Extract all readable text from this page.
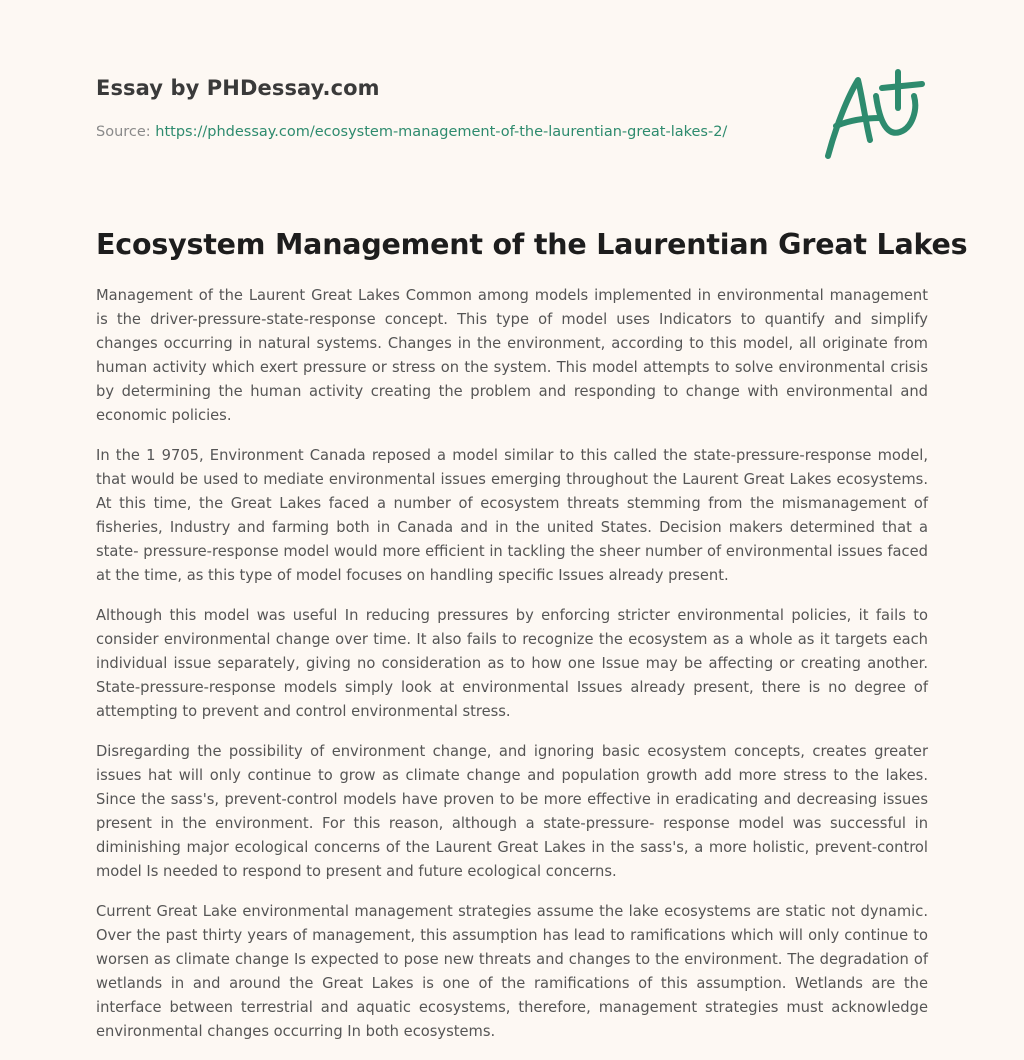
Essay by PHDessay.com
Source: https://phdessay.com/ecosystem-management-of-the-laurentian-great-lakes-2/
Ecosystem Management of the Laurentian Great Lakes

Management of the Laurent Great Lakes Common among models implemented in environmental management is the driver-pressure-state-response concept. This type of model uses Indicators to quantify and simplify changes occurring in natural systems. Changes in the environment, according to this model, all originate from human activity which exert pressure or stress on the system. This model attempts to solve environmental crisis by determining the human activity creating the problem and responding to change with environmental and economic policies.

In the 1 9705, Environment Canada reposed a model similar to this called the state-pressure-response model, that would be used to mediate environmental issues emerging throughout the Laurent Great Lakes ecosystems. At this time, the Great Lakes faced a number of ecosystem threats stemming from the mismanagement of fisheries, Industry and farming both in Canada and in the united States. Decision makers determined that a state- pressure-response model would more efficient in tackling the sheer number of environmental issues faced at the time, as this type of model focuses on handling specific Issues already present.

Although this model was useful In reducing pressures by enforcing stricter environmental policies, it fails to consider environmental change over time. It also fails to recognize the ecosystem as a whole as it targets each individual issue separately, giving no consideration as to how one Issue may be affecting or creating another. State-pressure-response models simply look at environmental Issues already present, there is no degree of attempting to prevent and control environmental stress.

Disregarding the possibility of environment change, and ignoring basic ecosystem concepts, creates greater issues hat will only continue to grow as climate change and population growth add more stress to the lakes. Since the sass's, prevent-control models have proven to be more effective in eradicating and decreasing issues present in the environment. For this reason, although a state-pressure- response model was successful in diminishing major ecological concerns of the Laurent Great Lakes in the sass's, a more holistic, prevent-control model Is needed to respond to present and future ecological concerns.

Current Great Lake environmental management strategies assume the lake ecosystems are static not dynamic. Over the past thirty years of management, this assumption has lead to ramifications which will only continue to worsen as climate change Is expected to pose new threats and changes to the environment. The degradation of wetlands in and around the Great Lakes is one of the ramifications of this assumption. Wetlands are the interface between terrestrial and aquatic ecosystems, therefore, management strategies must acknowledge environmental changes occurring In both ecosystems.
